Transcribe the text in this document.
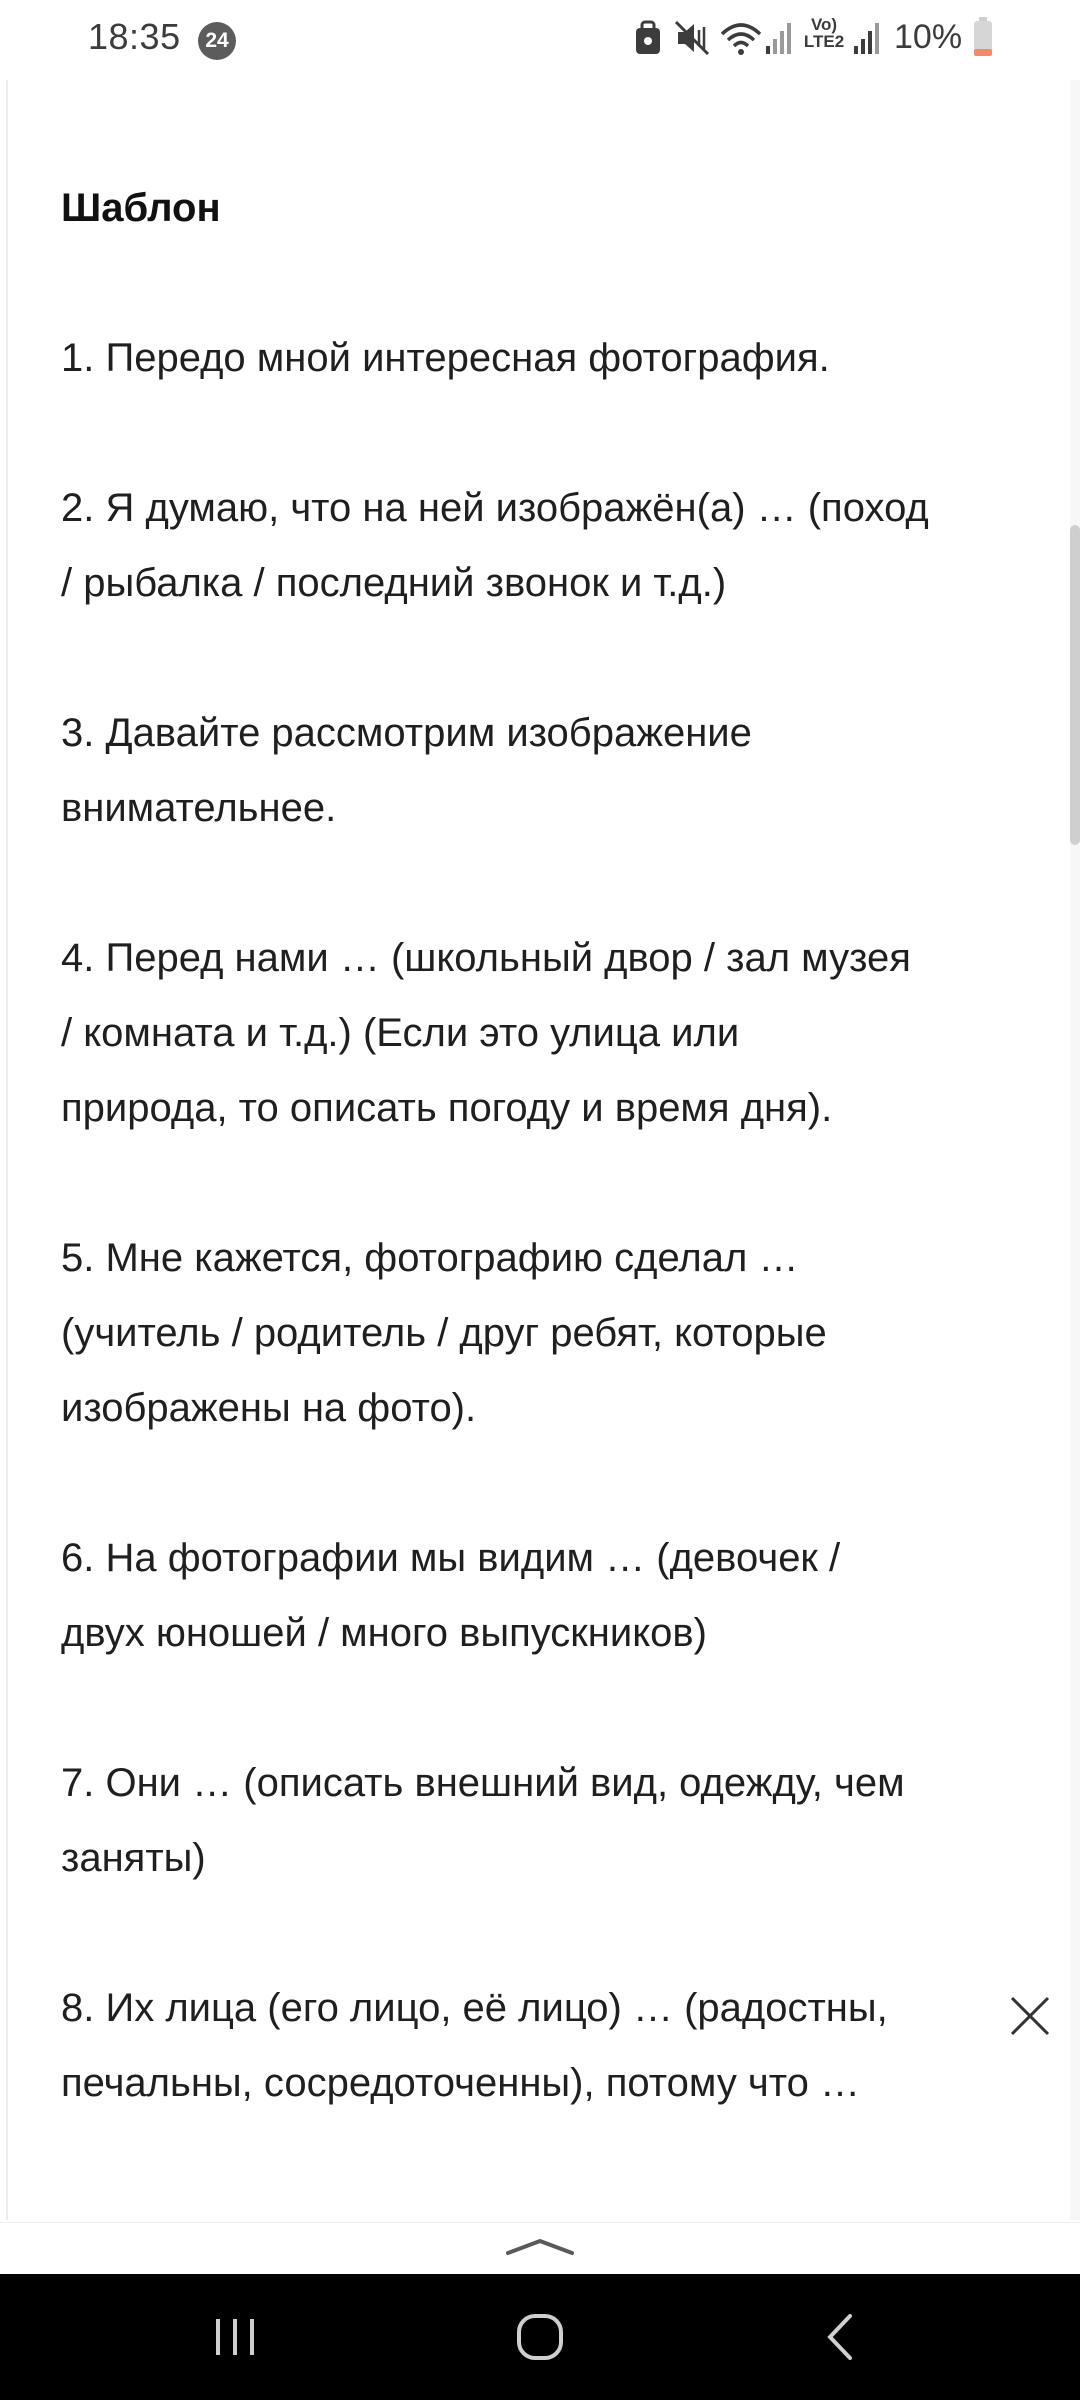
18:35	24
Vo)
LTE2 10%
Шаблон

1. Передо мной интересная фотография.

2. Я думаю, что на ней изображён(а) … (поход
/ рыбалка / последний звонок и т.д.)

3. Давайте рассмотрим изображение
внимательнее.

4. Перед нами … (школьный двор / зал музея
/ комната и т.д.) (Если это улица или
природа, то описать погоду и время дня).

5. Мне кажется, фотографию сделал …
(учитель / родитель / друг ребят, которые
изображены на фото).

6. На фотографии мы видим … (девочек /
двух юношей / много выпускников)

7. Они … (описать внешний вид, одежду, чем
заняты)

8. Их лица (его лицо, её лицо) … (радостны,
печальны, сосредоточенны), потому что …
